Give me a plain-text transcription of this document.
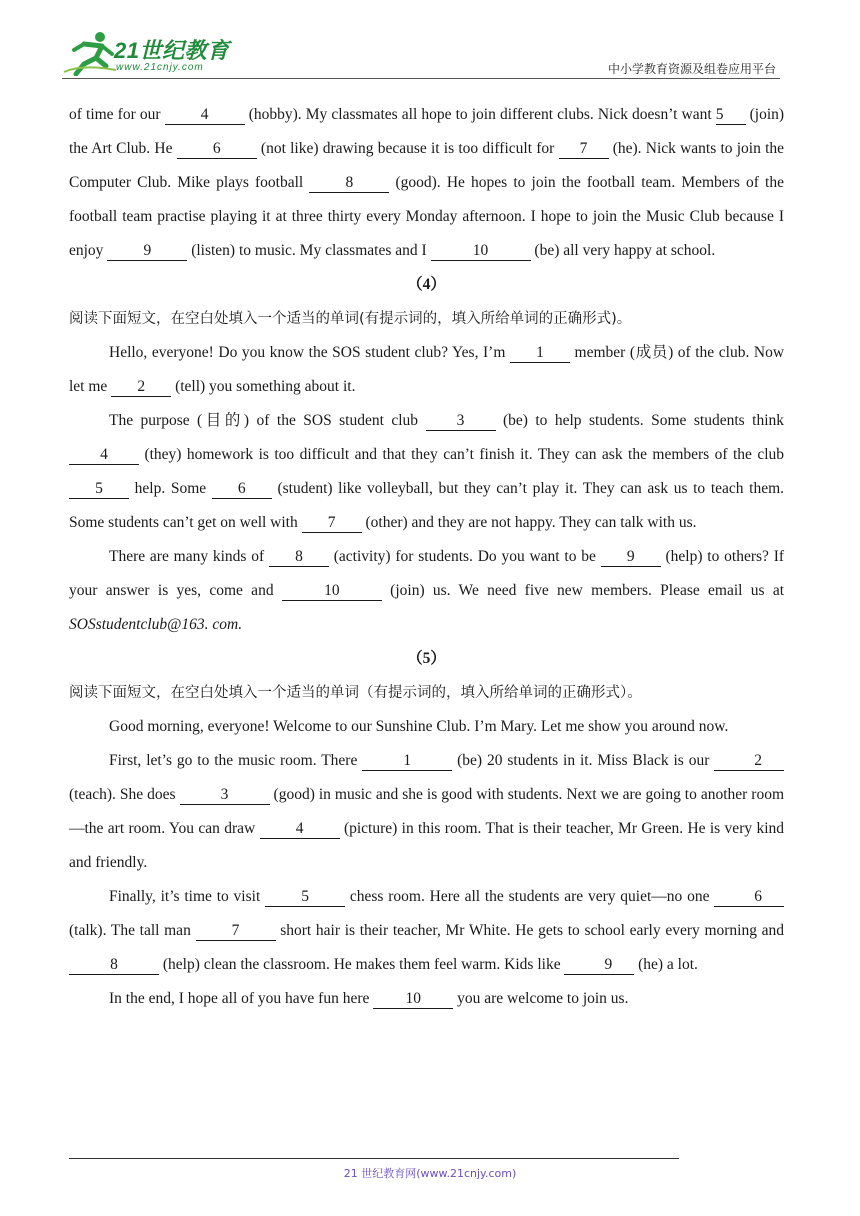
21世纪教育
www.21cnjy.com	中小学教育资源及组卷应用平台

of time for our	4	(hobby). My classmates all hope to join different clubs. Nick doesn’t want 5 (join) the Art Club. He	6	(not like) drawing because it is too difficult for 7 (he). Nick wants to join the Computer Club. Mike plays football	8	(good). He hopes to join the football team. Members of the football team practise playing it at three thirty every Monday afternoon. I hope to join the Music Club because I enjoy	9	(listen) to music. My classmates and I	10	(be) all very happy at school.

（4）

阅读下面短文，在空白处填入一个适当的单词(有提示词的，填入所给单词的正确形式)。

Hello, everyone! Do you know the SOS student club? Yes, I’m 1 member (成员) of the club. Now let me 2 (tell) you something about it.

The purpose (目的) of the SOS student club 3 (be) to help students. Some students think 4 (they) homework is too difficult and that they can’t finish it. They can ask the members of the club 5 help. Some 6 (student) like volleyball, but they can’t play it. They can ask us to teach them. Some students can’t get on well with 7 (other) and they are not happy. They can talk with us.

There are many kinds of 8 (activity) for students. Do you want to be 9 (help) to others? If your answer is yes, come and	10	(join) us. We need five new members. Please email us at SOSstudentclub@163. com.

（5）

阅读下面短文，在空白处填入一个适当的单词（有提示词的，填入所给单词的正确形式）。

Good morning, everyone! Welcome to our Sunshine Club. I’m Mary. Let me show you around now.

First, let’s go to the music room. There	1	(be) 20 students in it. Miss Black is our	2 (teach). She does	3	(good) in music and she is good with students. Next we are going to another room—the art room. You can draw	4	(picture) in this room. That is their teacher, Mr Green. He is very kind and friendly.

Finally, it’s time to visit	5	chess room. Here all the students are very quiet—no one	6 (talk). The tall man	7	short hair is their teacher, Mr White. He gets to school early every morning and 8	(help) clean the classroom. He makes them feel warm. Kids like	9 (he) a lot.

In the end, I hope all of you have fun here 10 you are welcome to join us.

21 世纪教育网(www.21cnjy.com)
